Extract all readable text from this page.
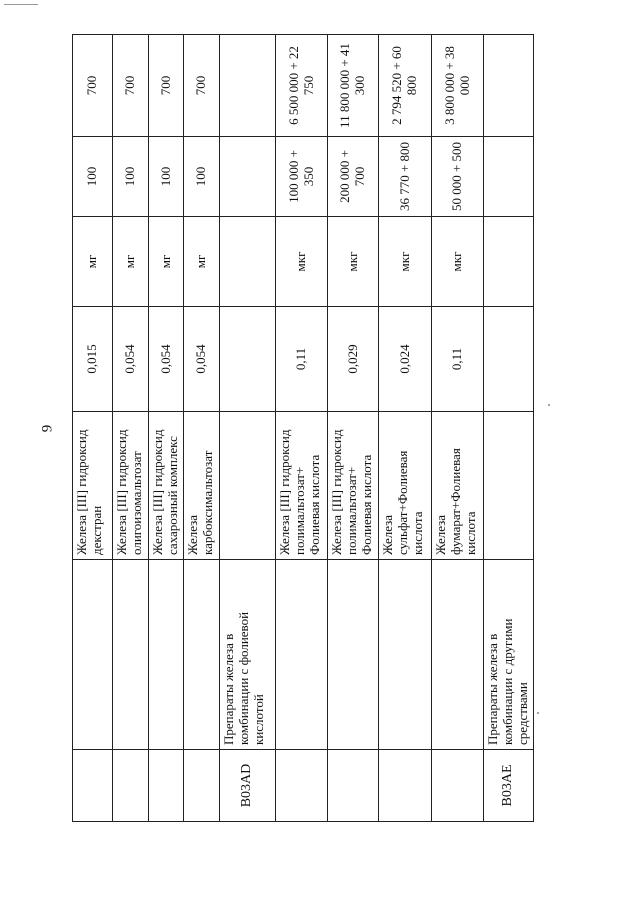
9
		Железа [III] гидроксид декстран	0,015	мг	100	700
		Железа [III] гидроксид олигоизомальтозат	0,054	мг	100	700
		Железа [III] гидроксид сахарозный комплекс	0,054	мг	100	700
		Железа карбоксимальтозат	0,054	мг	100	700
B03AD	Препараты железа в комбинации с фолиевой кислотой					
		Железа [III] гидроксид полимальтозат+ Фолиевая кислота	0,11	мкг	100 000 + 350	6 500 000 + 22 750
		Железа [III] гидроксид полимальтозат+ Фолиевая кислота	0,029	мкг	200 000 + 700	11 800 000 + 41 300
		Железа сульфат+Фолиевая кислота	0,024	мкг	36 770 + 800	2 794 520 + 60 800
		Железа фумарат+Фолиевая кислота	0,11	мкг	50 000 + 500	3 800 000 + 38 000
B03AE	Препараты железа в комбинации с другими средствами					
